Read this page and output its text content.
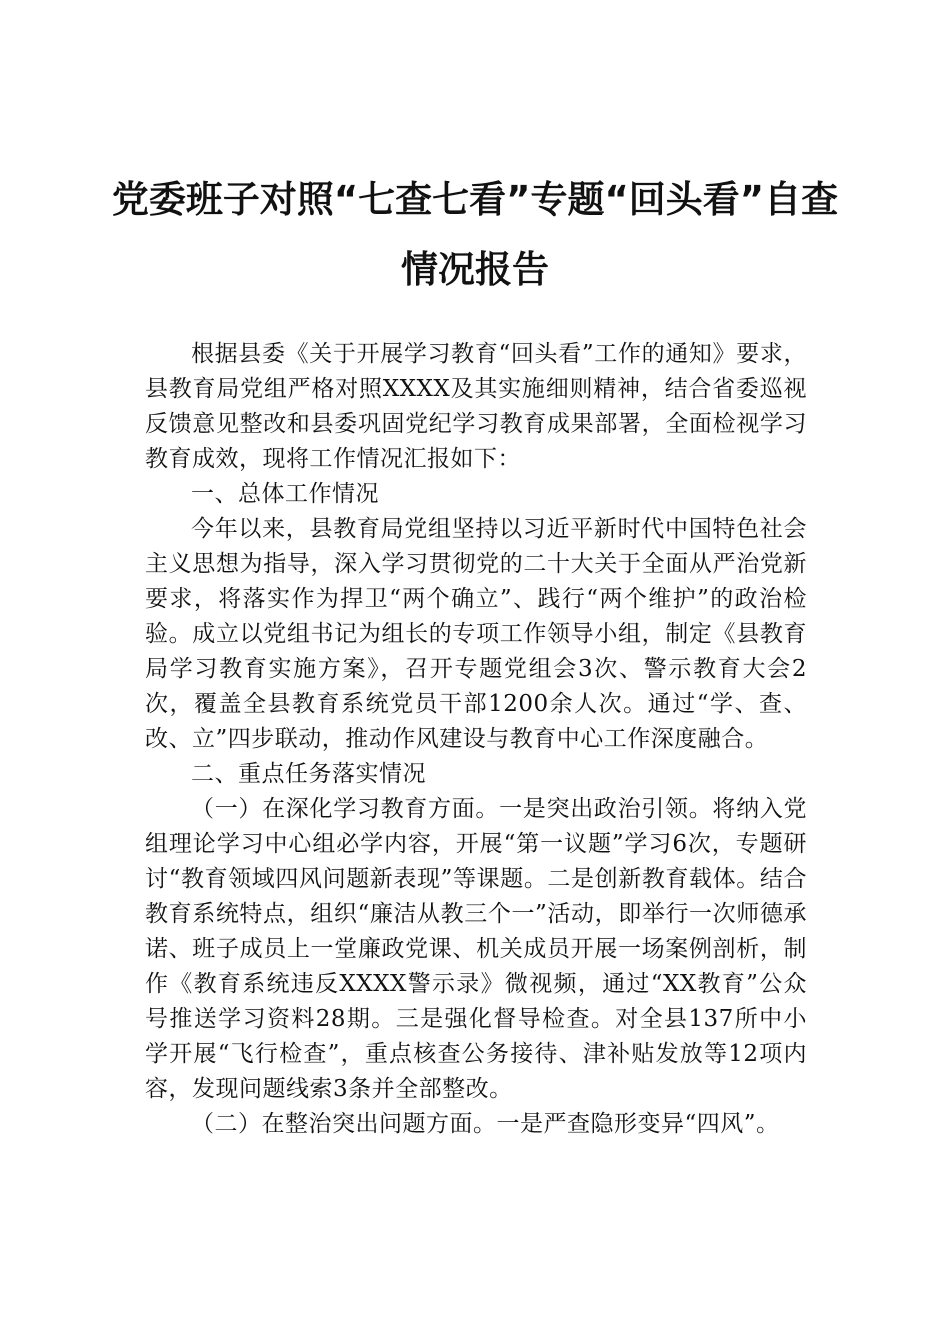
党委班子对照“七查七看”专题“回头看”自查
情况报告

根据县委《关于开展学习教育“回头看”工作的通知》要求，县教育局党组严格对照XXXX及其实施细则精神，结合省委巡视反馈意见整改和县委巩固党纪学习教育成果部署，全面检视学习教育成效，现将工作情况汇报如下：

一、总体工作情况

今年以来，县教育局党组坚持以习近平新时代中国特色社会主义思想为指导，深入学习贯彻党的二十大关于全面从严治党新要求，将落实作为捍卫“两个确立”、践行“两个维护”的政治检验。成立以党组书记为组长的专项工作领导小组，制定《县教育局学习教育实施方案》，召开专题党组会3次、警示教育大会2次，覆盖全县教育系统党员干部1200余人次。通过“学、查、改、立”四步联动，推动作风建设与教育中心工作深度融合。

二、重点任务落实情况

（一）在深化学习教育方面。一是突出政治引领。将纳入党组理论学习中心组必学内容，开展“第一议题”学习6次，专题研讨“教育领域四风问题新表现”等课题。二是创新教育载体。结合教育系统特点，组织“廉洁从教三个一”活动，即举行一次师德承诺、班子成员上一堂廉政党课、机关成员开展一场案例剖析，制作《教育系统违反XXXX警示录》微视频，通过“XX教育”公众号推送学习资料28期。三是强化督导检查。对全县137所中小学开展“飞行检查”，重点核查公务接待、津补贴发放等12项内容，发现问题线索3条并全部整改。

（二）在整治突出问题方面。一是严查隐形变异“四风”。
